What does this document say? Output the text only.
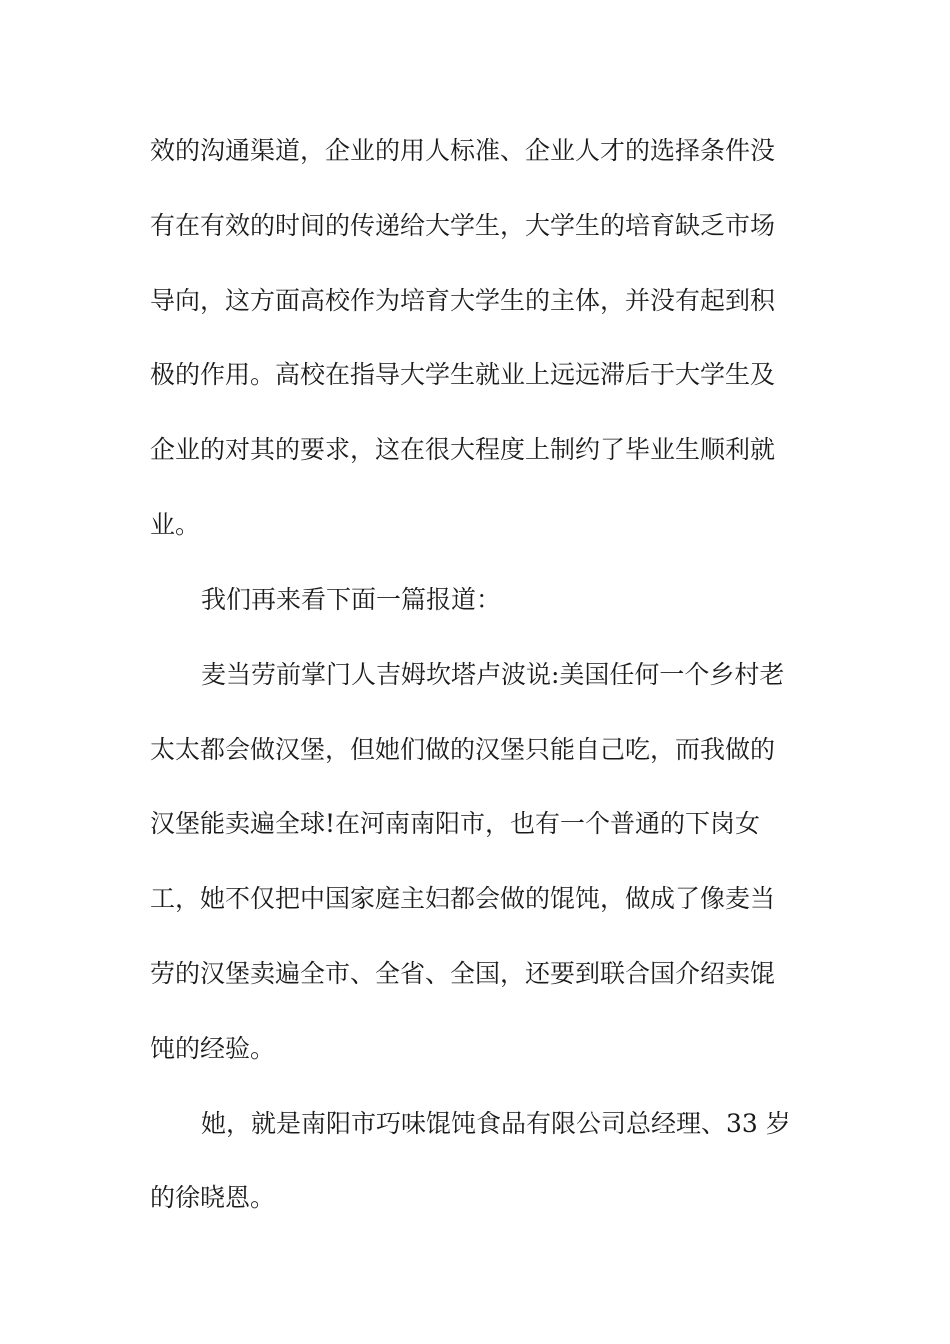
效的沟通渠道，企业的用人标准、企业人才的选择条件没

有在有效的时间的传递给大学生，大学生的培育缺乏市场

导向，这方面高校作为培育大学生的主体，并没有起到积

极的作用。高校在指导大学生就业上远远滞后于大学生及

企业的对其的要求，这在很大程度上制约了毕业生顺利就

业。

我们再来看下面一篇报道：

麦当劳前掌门人吉姆坎塔卢波说:美国任何一个乡村老

太太都会做汉堡，但她们做的汉堡只能自己吃，而我做的

汉堡能卖遍全球!在河南南阳市，也有一个普通的下岗女

工，她不仅把中国家庭主妇都会做的馄饨，做成了像麦当

劳的汉堡卖遍全市、全省、全国，还要到联合国介绍卖馄

饨的经验。

她，就是南阳市巧味馄饨食品有限公司总经理、33 岁

的徐晓恩。
